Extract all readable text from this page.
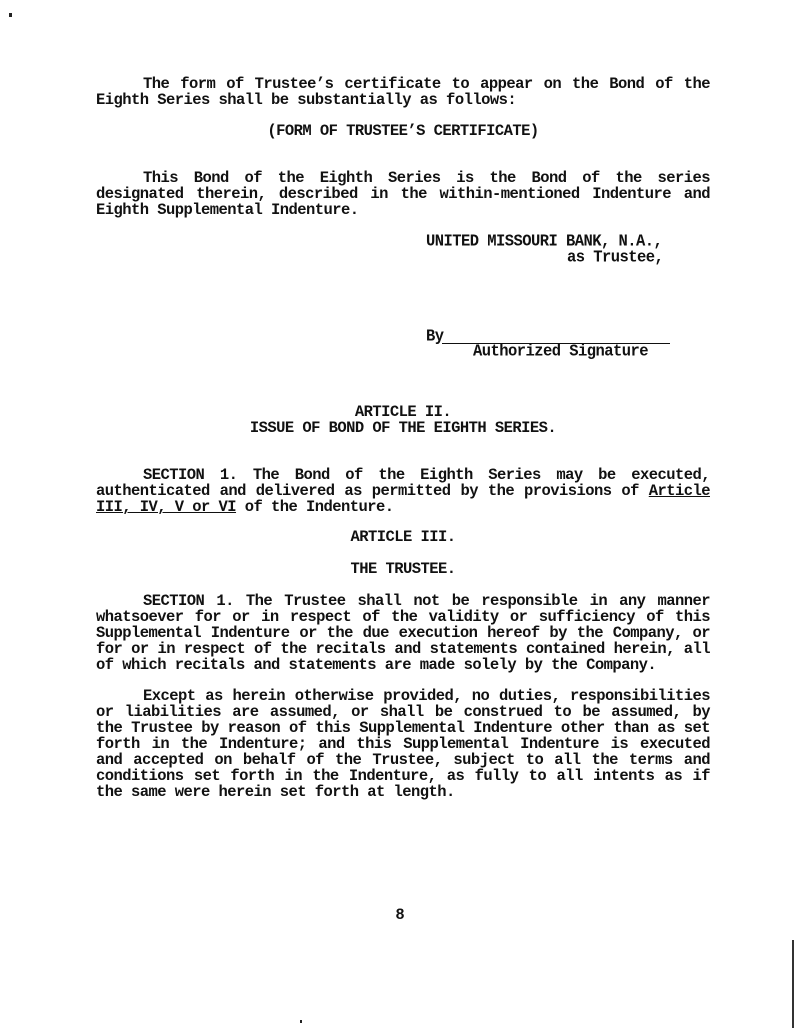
The form of Trustee’s certificate to appear on the Bond of the Eighth Series shall be substantially as follows:
(FORM OF TRUSTEE’S CERTIFICATE)
This Bond of the Eighth Series is the Bond of the series designated therein, described in the within-mentioned Indenture and Eighth Supplemental Indenture.
UNITED MISSOURI BANK, N.A.,
as Trustee,
By
Authorized Signature
ARTICLE II.
ISSUE OF BOND OF THE EIGHTH SERIES.
SECTION 1. The Bond of the Eighth Series may be executed, authenticated and delivered as permitted by the provisions of Article III, IV, V or VI of the Indenture.
ARTICLE III.
THE TRUSTEE.
SECTION 1. The Trustee shall not be responsible in any manner whatsoever for or in respect of the validity or sufficiency of this Supplemental Indenture or the due execution hereof by the Company, or for or in respect of the recitals and statements contained herein, all of which recitals and statements are made solely by the Company.
Except as herein otherwise provided, no duties, responsibilities or liabilities are assumed, or shall be construed to be assumed, by the Trustee by reason of this Supplemental Indenture other than as set forth in the Indenture; and this Supplemental Indenture is executed and accepted on behalf of the Trustee, subject to all the terms and conditions set forth in the Indenture, as fully to all intents as if the same were herein set forth at length.
8
